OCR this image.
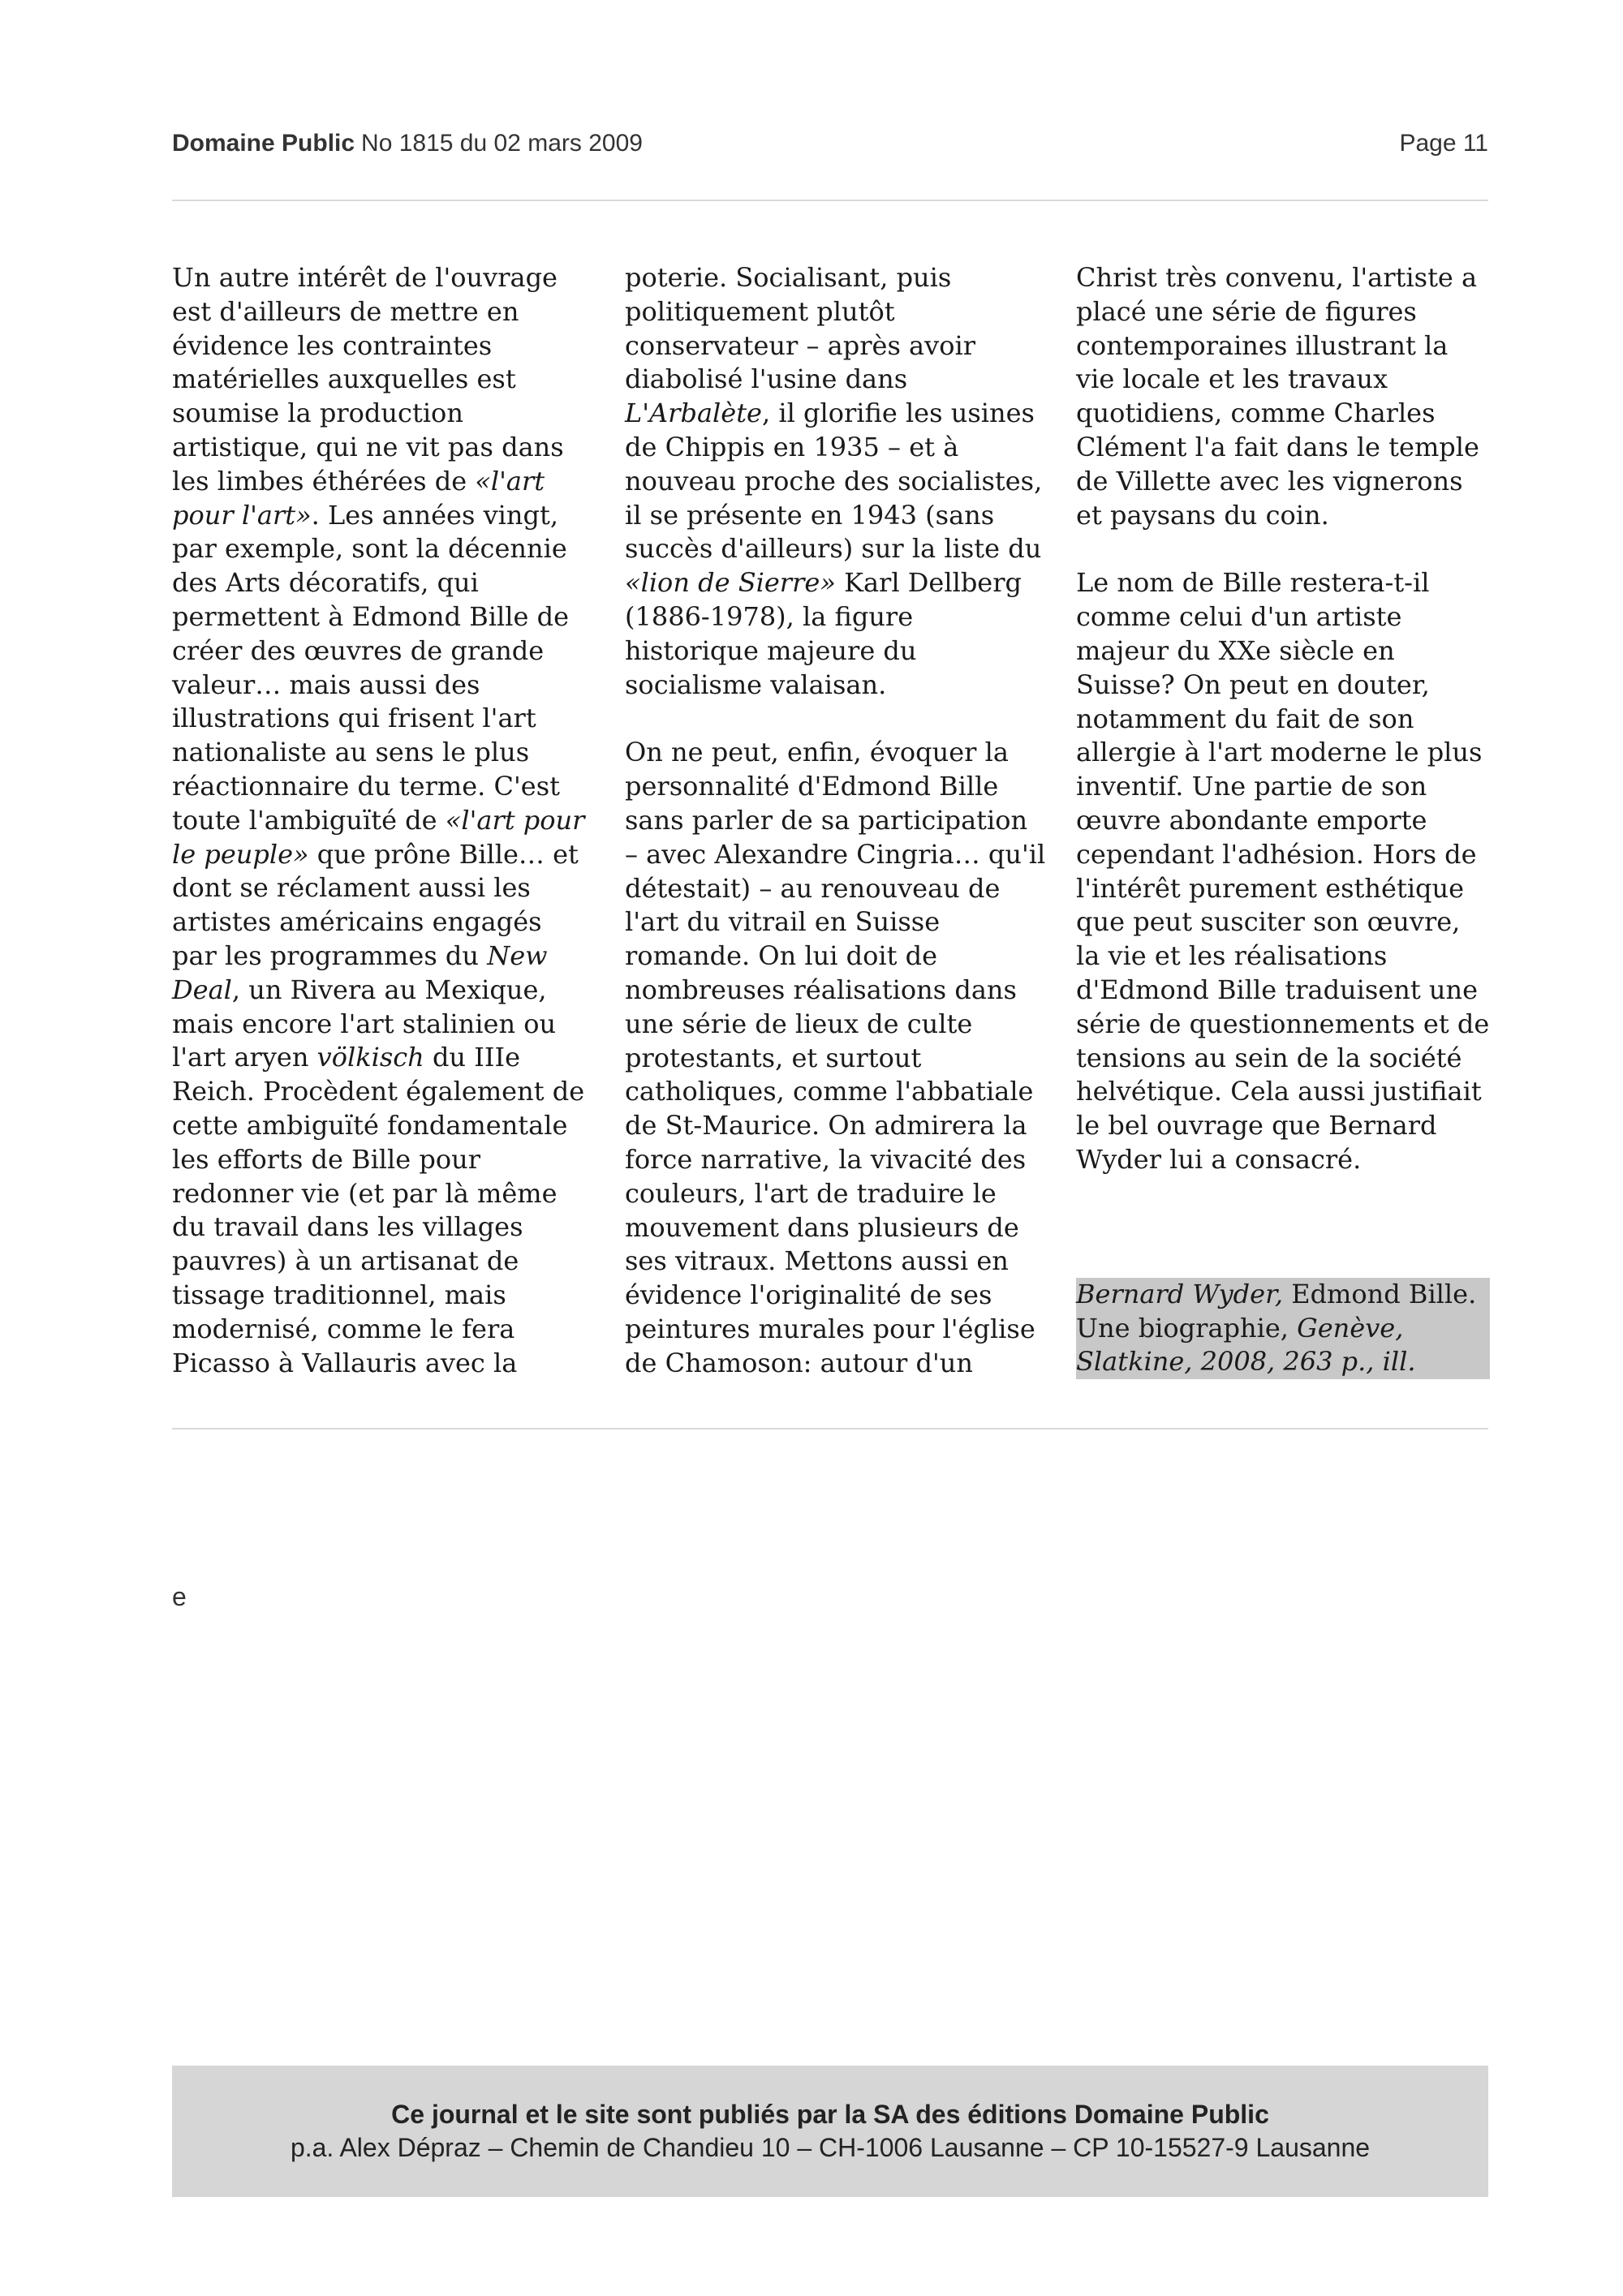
Domaine Public No 1815 du 02 mars 2009	Page 11

Un autre intérêt de l'ouvrage est d'ailleurs de mettre en évidence les contraintes matérielles auxquelles est soumise la production artistique, qui ne vit pas dans les limbes éthérées de «l'art pour l'art». Les années vingt, par exemple, sont la décennie des Arts décoratifs, qui permettent à Edmond Bille de créer des œuvres de grande valeur… mais aussi des illustrations qui frisent l'art nationaliste au sens le plus réactionnaire du terme. C'est toute l'ambiguïté de «l'art pour le peuple» que prône Bille… et dont se réclament aussi les artistes américains engagés par les programmes du New Deal, un Rivera au Mexique, mais encore l'art stalinien ou l'art aryen völkisch du IIIe Reich. Procèdent également de cette ambiguïté fondamentale les efforts de Bille pour redonner vie (et par là même du travail dans les villages pauvres) à un artisanat de tissage traditionnel, mais modernisé, comme le fera Picasso à Vallauris avec la

poterie. Socialisant, puis politiquement plutôt conservateur – après avoir diabolisé l'usine dans L'Arbalète, il glorifie les usines de Chippis en 1935 – et à nouveau proche des socialistes, il se présente en 1943 (sans succès d'ailleurs) sur la liste du «lion de Sierre» Karl Dellberg (1886-1978), la figure historique majeure du socialisme valaisan.

On ne peut, enfin, évoquer la personnalité d'Edmond Bille sans parler de sa participation – avec Alexandre Cingria… qu'il détestait) – au renouveau de l'art du vitrail en Suisse romande. On lui doit de nombreuses réalisations dans une série de lieux de culte protestants, et surtout catholiques, comme l'abbatiale de St-Maurice. On admirera la force narrative, la vivacité des couleurs, l'art de traduire le mouvement dans plusieurs de ses vitraux. Mettons aussi en évidence l'originalité de ses peintures murales pour l'église de Chamoson: autour d'un

Christ très convenu, l'artiste a placé une série de figures contemporaines illustrant la vie locale et les travaux quotidiens, comme Charles Clément l'a fait dans le temple de Villette avec les vignerons et paysans du coin.

Le nom de Bille restera-t-il comme celui d'un artiste majeur du XXe siècle en Suisse? On peut en douter, notamment du fait de son allergie à l'art moderne le plus inventif. Une partie de son œuvre abondante emporte cependant l'adhésion. Hors de l'intérêt purement esthétique que peut susciter son œuvre, la vie et les réalisations d'Edmond Bille traduisent une série de questionnements et de tensions au sein de la société helvétique. Cela aussi justifiait le bel ouvrage que Bernard Wyder lui a consacré.

Bernard Wyder, Edmond Bille. Une biographie, Genève, Slatkine, 2008, 263 p., ill.

e
Ce journal et le site sont publiés par la SA des éditions Domaine Public
p.a. Alex Dépraz – Chemin de Chandieu 10 – CH-1006 Lausanne – CP 10-15527-9 Lausanne
